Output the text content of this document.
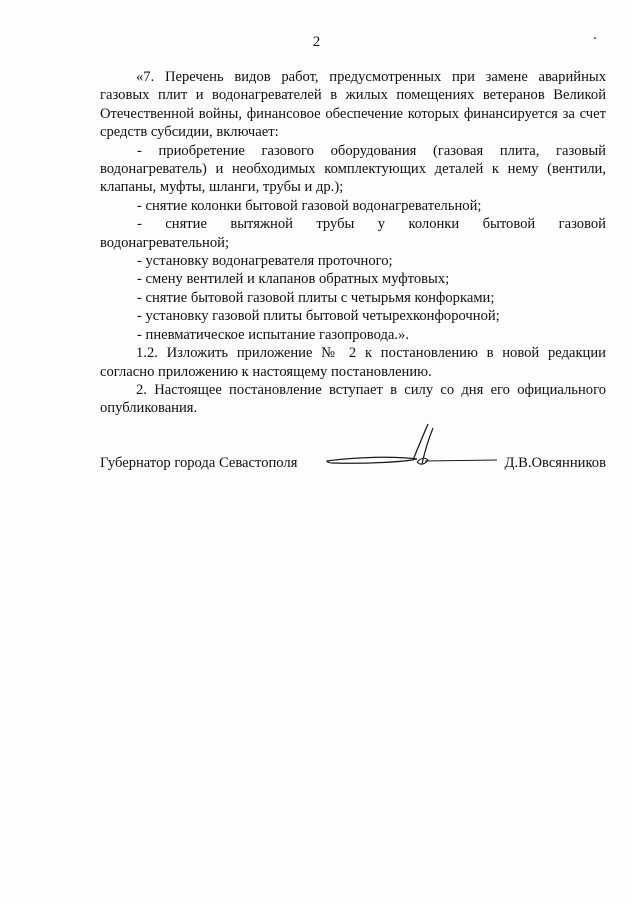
2

«7. Перечень видов работ, предусмотренных при замене аварийных газовых плит и водонагревателей в жилых помещениях ветеранов Великой Отечественной войны, финансовое обеспечение которых финансируется за счет средств субсидии, включает:

- приобретение газового оборудования (газовая плита, газовый водонагреватель) и необходимых комплектующих деталей к нему (вентили, клапаны, муфты, шланги, трубы и др.);

- снятие колонки бытовой газовой водонагревательной;

- снятие вытяжной трубы у колонки бытовой газовой

водонагревательной;

- установку водонагревателя проточного;

- смену вентилей и клапанов обратных муфтовых;

- снятие бытовой газовой плиты с четырьмя конфорками;

- установку газовой плиты бытовой четырехконфорочной;

- пневматическое испытание газопровода.».

1.2. Изложить приложение № 2 к постановлению в новой редакции согласно приложению к настоящему постановлению.

2. Настоящее постановление вступает в силу со дня его официального опубликования.

Губернатор города Севастополя	Д.В.Овсянников
